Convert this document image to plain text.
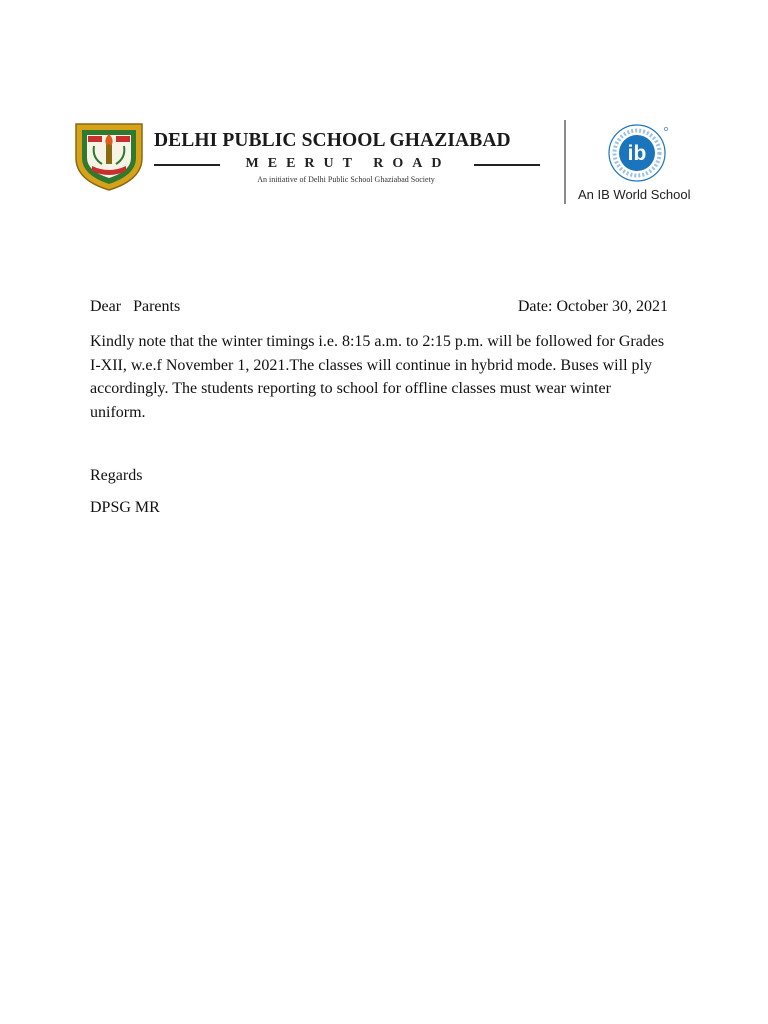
DELHI PUBLIC SCHOOL GHAZIABAD
MEERUT ROAD
An initiative of Delhi Public School Ghaziabad Society
ib
An IB World School
Dear   Parents	Date: October 30, 2021
Kindly note that the winter timings i.e. 8:15 a.m. to 2:15 p.m. will be followed for Grades I-XII, w.e.f November 1, 2021.The classes will continue in hybrid mode. Buses will ply accordingly. The students reporting to school for offline classes must wear winter uniform.
Regards
DPSG MR
